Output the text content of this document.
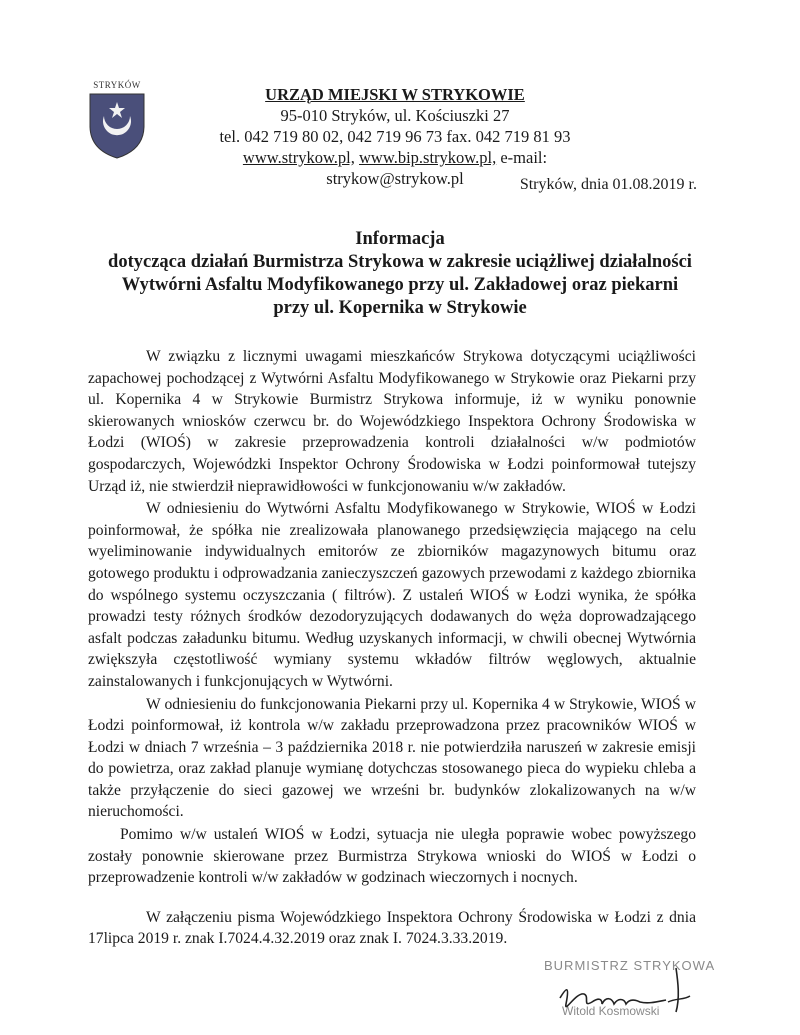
STRYKÓW	URZĄD MIEJSKI W STRYKOWIE
95-010 Stryków, ul. Kościuszki 27
tel. 042 719 80 02, 042 719 96 73 fax. 042 719 81 93
www.strykow.pl, www.bip.strykow.pl, e-mail: strykow@strykow.pl	Stryków, dnia 01.08.2019 r.
Informacja
dotycząca działań Burmistrza Strykowa w zakresie uciążliwej działalności
Wytwórni Asfaltu Modyfikowanego przy ul. Zakładowej oraz piekarni
przy ul. Kopernika w Strykowie

W związku z licznymi uwagami mieszkańców Strykowa dotyczącymi uciążliwości zapachowej pochodzącej z Wytwórni Asfaltu Modyfikowanego w Strykowie oraz Piekarni przy ul. Kopernika 4 w Strykowie Burmistrz Strykowa informuje, iż w wyniku ponownie skierowanych wniosków czerwcu br. do Wojewódzkiego Inspektora Ochrony Środowiska w Łodzi (WIOŚ) w zakresie przeprowadzenia kontroli działalności w/w podmiotów gospodarczych, Wojewódzki Inspektor Ochrony Środowiska w Łodzi poinformował tutejszy Urząd iż, nie stwierdził nieprawidłowości w funkcjonowaniu w/w zakładów.

W odniesieniu do Wytwórni Asfaltu Modyfikowanego w Strykowie, WIOŚ w Łodzi poinformował, że spółka nie zrealizowała planowanego przedsięwzięcia mającego na celu wyeliminowanie indywidualnych emitorów ze zbiorników magazynowych bitumu oraz gotowego produktu i odprowadzania zanieczyszczeń gazowych przewodami z każdego zbiornika do wspólnego systemu oczyszczania ( filtrów). Z ustaleń WIOŚ w Łodzi wynika, że spółka prowadzi testy różnych środków dezodoryzujących dodawanych do węża doprowadzającego asfalt podczas załadunku bitumu. Według uzyskanych informacji, w chwili obecnej Wytwórnia zwiększyła częstotliwość wymiany systemu wkładów filtrów węglowych, aktualnie zainstalowanych i funkcjonujących w Wytwórni.

W odniesieniu do funkcjonowania Piekarni przy ul. Kopernika 4 w Strykowie, WIOŚ w Łodzi poinformował, iż kontrola w/w zakładu przeprowadzona przez pracowników WIOŚ w Łodzi w dniach 7 września – 3 października 2018 r. nie potwierdziła naruszeń w zakresie emisji do powietrza, oraz zakład planuje wymianę dotychczas stosowanego pieca do wypieku chleba a także przyłączenie do sieci gazowej we wrześni br. budynków zlokalizowanych na w/w nieruchomości.

Pomimo w/w ustaleń WIOŚ w Łodzi, sytuacja nie uległa poprawie wobec powyższego zostały ponownie skierowane przez Burmistrza Strykowa wnioski do WIOŚ w Łodzi o przeprowadzenie kontroli w/w zakładów w godzinach wieczornych i nocnych.

W załączeniu pisma Wojewódzkiego Inspektora Ochrony Środowiska w Łodzi z dnia 17lipca 2019 r. znak I.7024.4.32.2019 oraz znak I. 7024.3.33.2019.

BURMISTRZ STRYKOWA
Witold Kosmowski
